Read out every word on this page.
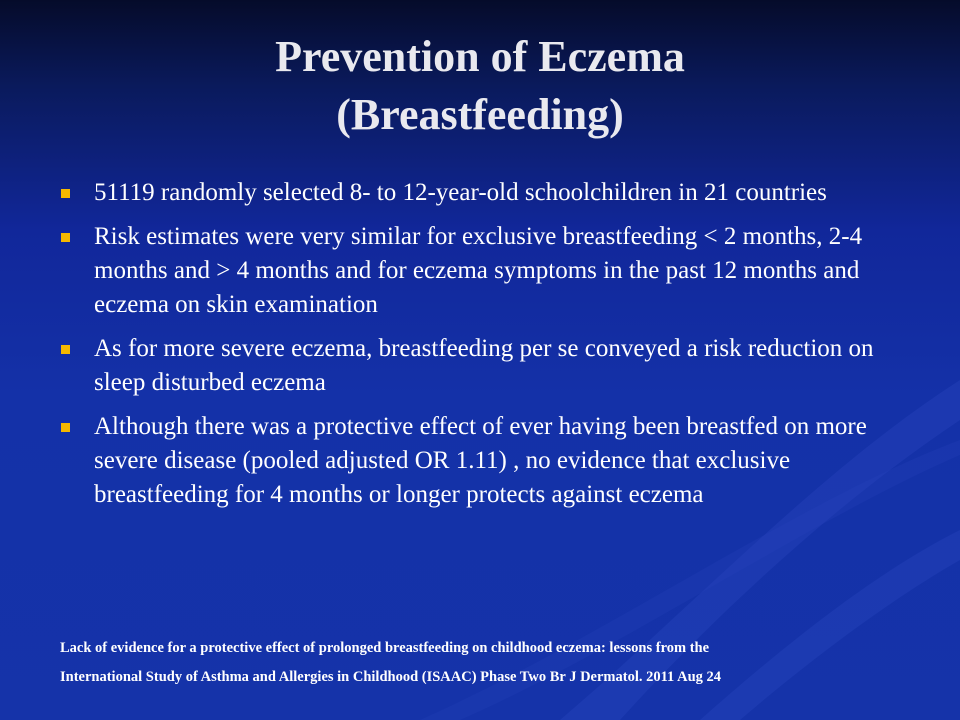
Prevention of Eczema
(Breastfeeding)
51119 randomly selected 8- to 12-year-old schoolchildren in 21 countries
Risk estimates were very similar for exclusive breastfeeding < 2 months, 2-4 months and > 4 months and for eczema symptoms in the past 12 months and eczema on skin examination
As for more severe eczema, breastfeeding per se conveyed a risk reduction on sleep disturbed eczema
Although there was a protective effect of ever having been breastfed on more severe disease (pooled adjusted OR 1.11) , no evidence that exclusive breastfeeding for 4 months or longer protects against eczema
Lack of evidence for a protective effect of prolonged breastfeeding on childhood eczema: lessons from the
International Study of Asthma and Allergies in Childhood (ISAAC) Phase Two Br J Dermatol. 2011 Aug 24
